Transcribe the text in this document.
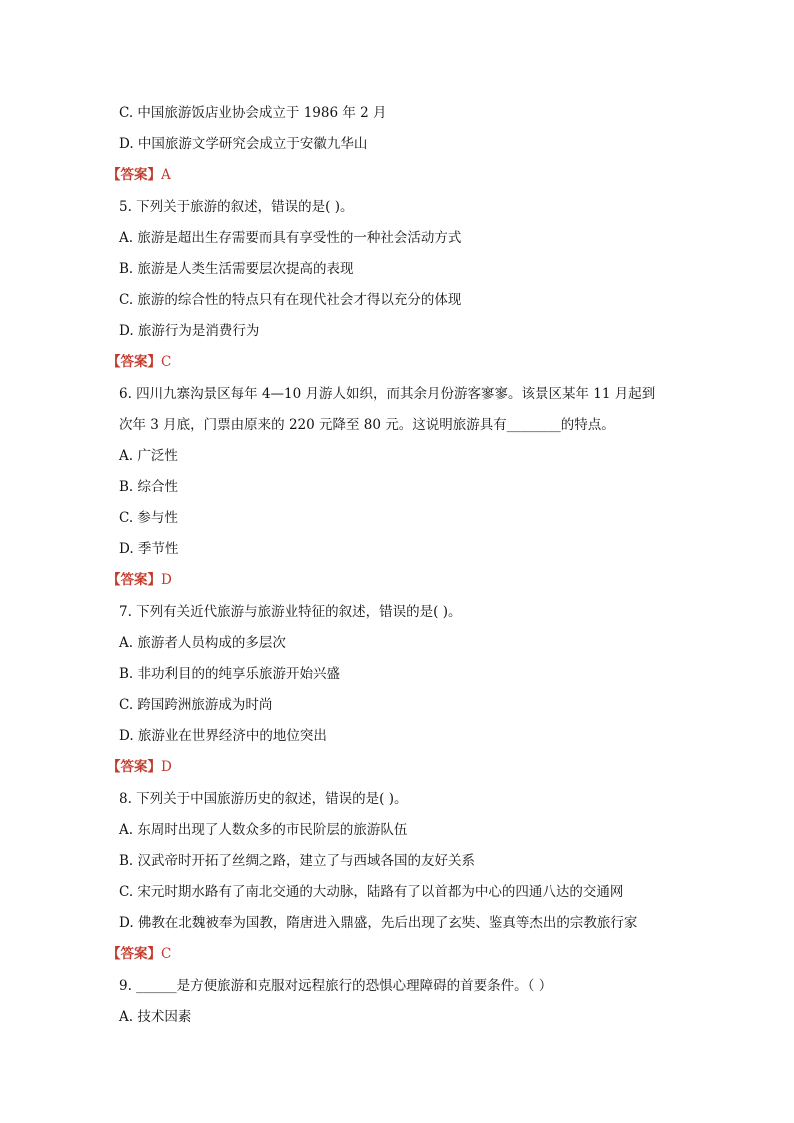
C. 中国旅游饭店业协会成立于 1986 年 2 月
D. 中国旅游文学研究会成立于安徽九华山
【答案】A
5. 下列关于旅游的叙述，错误的是( )。
A. 旅游是超出生存需要而具有享受性的一种社会活动方式
B. 旅游是人类生活需要层次提高的表现
C. 旅游的综合性的特点只有在现代社会才得以充分的体现
D. 旅游行为是消费行为
【答案】C
6. 四川九寨沟景区每年 4—10 月游人如织，而其余月份游客寥寥。该景区某年 11 月起到
次年 3 月底，门票由原来的 220 元降至 80 元。这说明旅游具有________的特点。
A. 广泛性
B. 综合性
C. 参与性
D. 季节性
【答案】D
7. 下列有关近代旅游与旅游业特征的叙述，错误的是( )。
A. 旅游者人员构成的多层次
B. 非功利目的的纯享乐旅游开始兴盛
C. 跨国跨洲旅游成为时尚
D. 旅游业在世界经济中的地位突出
【答案】D
8. 下列关于中国旅游历史的叙述，错误的是( )。
A. 东周时出现了人数众多的市民阶层的旅游队伍
B. 汉武帝时开拓了丝绸之路，建立了与西域各国的友好关系
C. 宋元时期水路有了南北交通的大动脉，陆路有了以首都为中心的四通八达的交通网
D. 佛教在北魏被奉为国教，隋唐进入鼎盛，先后出现了玄奘、鉴真等杰出的宗教旅行家
【答案】C
9. ______是方便旅游和克服对远程旅行的恐惧心理障碍的首要条件。（ ）
A. 技术因素
